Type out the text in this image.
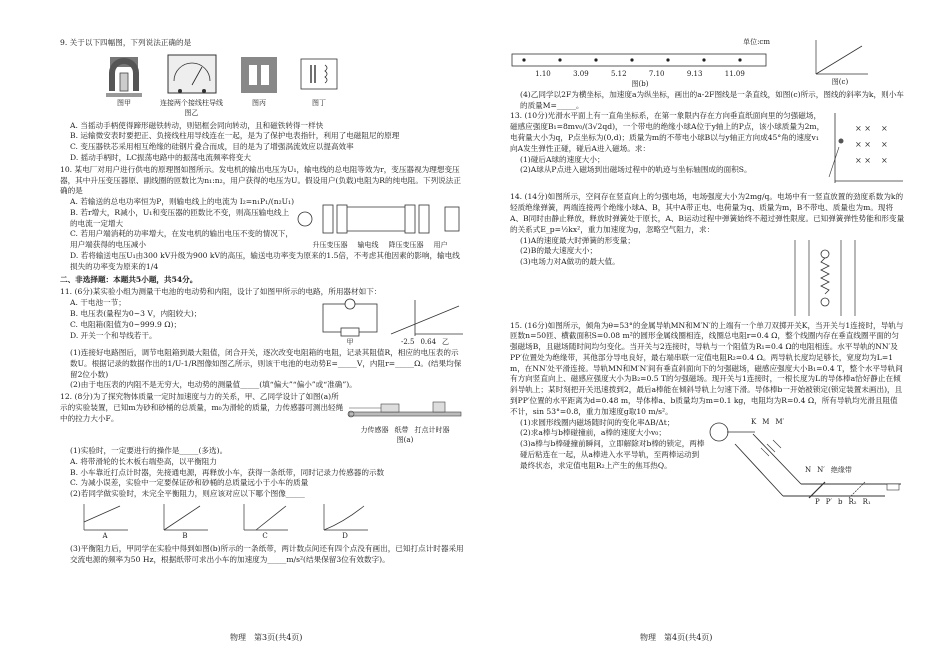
9. 关于以下四幅图，下列说法正确的是
图甲	连接两个接线柱导线
图乙
图丙	图丁
A. 当摇动手柄使得蹄形磁铁转动，则铝框会同向转动，且和磁铁转得一样快
B. 运输微安表时要把正、负接线柱用导线连在一起，是为了保护电表指针，利用了电磁阻尼的原理
C. 变压器铁芯采用相互绝缘的硅钢片叠合而成，目的是为了增强涡流效应以提高效率
D. 摇动手柄时，LC振荡电路中的振荡电流频率将变大
10. 某电厂对用户进行供电的原理图如图所示。发电机的输出电压为U₁，输电线的总电阻等效为r，变压器视为理想变压器，其中升压变压器原、副线圈的匝数比为n₁:n₂，用户获得的电压为U。假设用户(负载)电阻为R的纯电阻。下列说法正确的是
A. 若输送的总电功率恒为P，则输电线上的电流为 I₂=n₁P₁/(n₂U₁)
B. 若r增大，R减小，U₁和变压器的匝数比不变，则高压输电线上的电流一定增大
C. 若用户端消耗的功率增大，在发电机的输出电压不变的情况下，用户端获得的电压减小	升压变压器 输电线 降压变压器 用户
D. 若将输送电压U₁由300 kV升级为900 kV的高压，输送电功率变为原来的1.5倍，不考虑其他因素的影响，输电线损失的功率变为原来的1/4
二、非选择题：本题共5小题，共54分。
11. (6分)某实验小组为测量干电池的电动势和内阻，设计了如图甲所示的电路，所用器材如下：
A. 干电池一节；
B. 电压表(量程为0~3 V，内阻较大)；
C. 电阻箱(阻值为0~999.9 Ω)；
D. 开关一个和导线若干。
甲	-2.5 0.64 乙
(1)连接好电路图后，调节电阻箱到最大阻值，闭合开关，逐次改变电阻箱的电阻，记录其阻值R，相应的电压表的示数U。根据记录的数据作出的1/U-1/R图像如图乙所示，则该干电池的电动势E=_____V，内阻r=_____Ω。(结果均保留2位小数)
(2)由于电压表的内阻不是无穷大，电动势的测量值_____(填“偏大”“偏小”或“准确”)。
12. (8分)为了探究物体质量一定时加速度与力的关系，甲、乙同学设计了如图(a)所示的实验装置，已知m为砂和砂桶的总质量，m₀为滑轮的质量，力传感器可测出轻绳中的拉力大小F。
力传感器 纸带 打点计时器
图(a)
(1)实验时，一定要进行的操作是_____(多选)。
A. 将带滑轮的长木板右端垫高，以平衡阻力
B. 小车靠近打点计时器，先接通电源，再释放小车，获得一条纸带，同时记录力传感器的示数
C. 为减小误差，实验中一定要保证砂和砂桶的总质量远小于小车的质量
(2)若同学做实验时，未完全平衡阻力，则应该对应以下哪个图像_____
A	B	C	D
(3)平衡阻力后，甲同学在实验中得到如图(b)所示的一条纸带，两计数点间还有四个点没有画出，已知打点计时器采用交流电源的频率为50 Hz，根据纸带可求出小车的加速度为_____m/s²(结果保留3位有效数字)。
物理　第3页(共4页)
单位:cm
1.10	3.09	5.12	7.10	9.13	11.09
图(b)	图(c)
(4)乙同学以2F为横坐标，加速度a为纵坐标，画出的a-2F图线是一条直线，如图(c)所示，图线的斜率为k，则小车的质量M=_____。
13. (10分)光滑水平面上有一直角坐标系，在第一象限内存在方向垂直纸面向里的匀强磁场，磁感应强度B₁=8mv₀/(3√2qd)，一个带电的绝缘小球A位于y轴上的P点，该小球质量为2m，电荷量大小为q，P点坐标为(0,d)；质量为m的不带电小球B以与y轴正方向成45°角的速度v₁向A发生弹性正碰，碰后A进入磁场。求：
(1)碰后A球的速度大小；
(2)A球从P点进入磁场到出磁场过程中的轨迹与坐标轴围成的面积S。
× ×
× ×
× ×
×
×
×
14. (14分)如图所示，空间存在竖直向上的匀强电场，电场强度大小为2mg/q。电场中有一竖直放置的劲度系数为k的轻质绝缘弹簧，两端连接两个绝缘小球A、B，其中A带正电、电荷量为q、质量为m，B不带电、质量也为m。现将A、B同时由静止释放，释放时弹簧处于原长，A、B运动过程中弹簧始终不超过弹性限度。已知弹簧弹性势能和形变量的关系式E_p=½kx²，重力加速度为g，忽略空气阻力，求：
(1)A的速度最大时弹簧的形变量；
(2)B的最大速度大小；
(3)电场力对A做功的最大值。
15. (16分)如图所示，倾角为θ=53°的金属导轨MN和M′N′的上端有一个单刀双掷开关K，当开关与1连接时，导轨与匝数n=50匝、横截面积S=0.08 m²的圆形金属线圈相连，线圈总电阻r=0.4 Ω，整个线圈内存在垂直线圈平面的匀强磁场B，且磁场随时间均匀变化。当开关与2连接时，导轨与一个阻值为R₁=0.4 Ω的电阻相连。水平导轨的NN′及PP′位置处为绝缘带，其他部分导电良好，最右端串联一定值电阻R₂=0.4 Ω。两导轨长度均足够长，宽度均为L=1 m，在NN′处平滑连接。导轨MN和M′N′间有垂直斜面向下的匀强磁场，磁感应强度大小B₁=0.4 T，整个水平导轨间有方向竖直向上、磁感应强度大小为B₂=0.5 T的匀强磁场。现开关与1连接时，一根长度为L的导体棒a恰好静止在倾斜导轨上；某时刻把开关迅速拨到2，最后a棒能在倾斜导轨上匀速下滑。导体棒b一开始被锁定(锁定装置未画出)，且到PP′位置的水平距离为d=0.48 m，导体棒a、b质量均为m=0.1 kg，电阻均为R=0.4 Ω，所有导轨均光滑且阻值不计，sin 53°=0.8，重力加速度g取10 m/s²。
(1)求圆形线圈内磁场随时间的变化率ΔB/Δt；
(2)求a棒与b棒碰撞前，a棒的速度大小v₀；
(3)a棒与b棒碰撞前瞬间，立即解除对b棒的锁定，两棒碰后粘连在一起，从a棒进入水平导轨，至两棒运动到最终状态，求定值电阻R₂上产生的焦耳热Q。
K M M′
N N′ 绝缘带
P P′ b R₂ R₁
物理　第4页(共4页)
